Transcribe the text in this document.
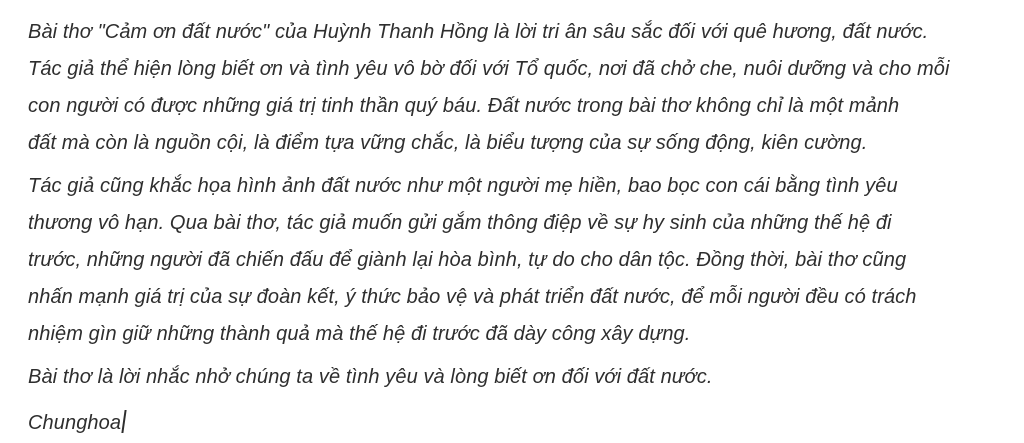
Bài thơ "Cảm ơn đất nước" của Huỳnh Thanh Hồng là lời tri ân sâu sắc đối với quê hương, đất nước.
Tác giả thể hiện lòng biết ơn và tình yêu vô bờ đối với Tổ quốc, nơi đã chở che, nuôi dưỡng và cho mỗi
con người có được những giá trị tinh thần quý báu. Đất nước trong bài thơ không chỉ là một mảnh
đất mà còn là nguồn cội, là điểm tựa vững chắc, là biểu tượng của sự sống động, kiên cường.
Tác giả cũng khắc họa hình ảnh đất nước như một người mẹ hiền, bao bọc con cái bằng tình yêu
thương vô hạn. Qua bài thơ, tác giả muốn gửi gắm thông điệp về sự hy sinh của những thế hệ đi
trước, những người đã chiến đấu để giành lại hòa bình, tự do cho dân tộc. Đồng thời, bài thơ cũng
nhấn mạnh giá trị của sự đoàn kết, ý thức bảo vệ và phát triển đất nước, để mỗi người đều có trách
nhiệm gìn giữ những thành quả mà thế hệ đi trước đã dày công xây dựng.
Bài thơ là lời nhắc nhở chúng ta về tình yêu và lòng biết ơn đối với đất nước.
Chunghoa
